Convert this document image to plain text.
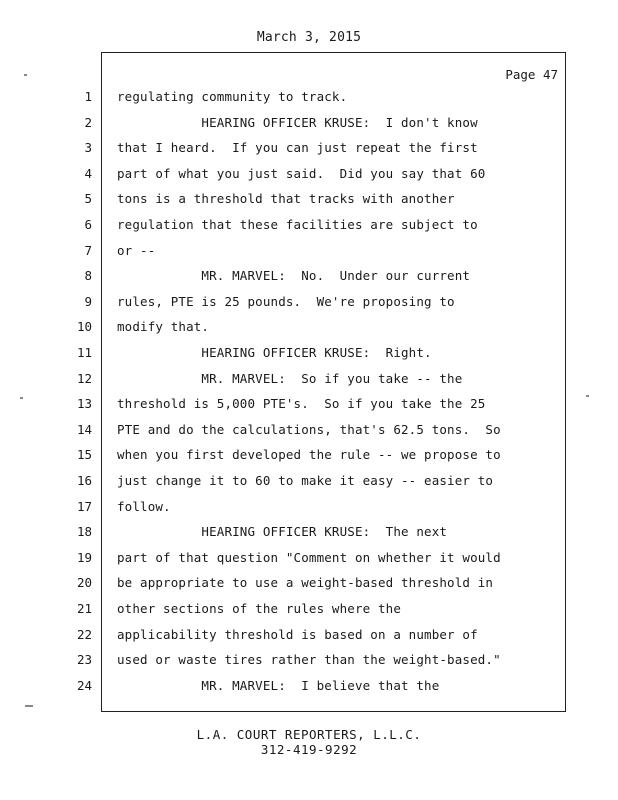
March 3, 2015
Page 47
1 regulating community to track.
2 HEARING OFFICER KRUSE:  I don't know
3 that I heard.  If you can just repeat the first
4 part of what you just said.  Did you say that 60
5 tons is a threshold that tracks with another
6 regulation that these facilities are subject to
7 or --
8 MR. MARVEL:  No.  Under our current
9 rules, PTE is 25 pounds.  We're proposing to
10 modify that.
11 HEARING OFFICER KRUSE:  Right.
12 MR. MARVEL:  So if you take -- the
13 threshold is 5,000 PTE's.  So if you take the 25
14 PTE and do the calculations, that's 62.5 tons.  So
15 when you first developed the rule -- we propose to
16 just change it to 60 to make it easy -- easier to
17 follow.
18 HEARING OFFICER KRUSE:  The next
19 part of that question "Comment on whether it would
20 be appropriate to use a weight-based threshold in
21 other sections of the rules where the
22 applicability threshold is based on a number of
23 used or waste tires rather than the weight-based."
24 MR. MARVEL:  I believe that the
L.A. COURT REPORTERS, L.L.C.
312-419-9292
